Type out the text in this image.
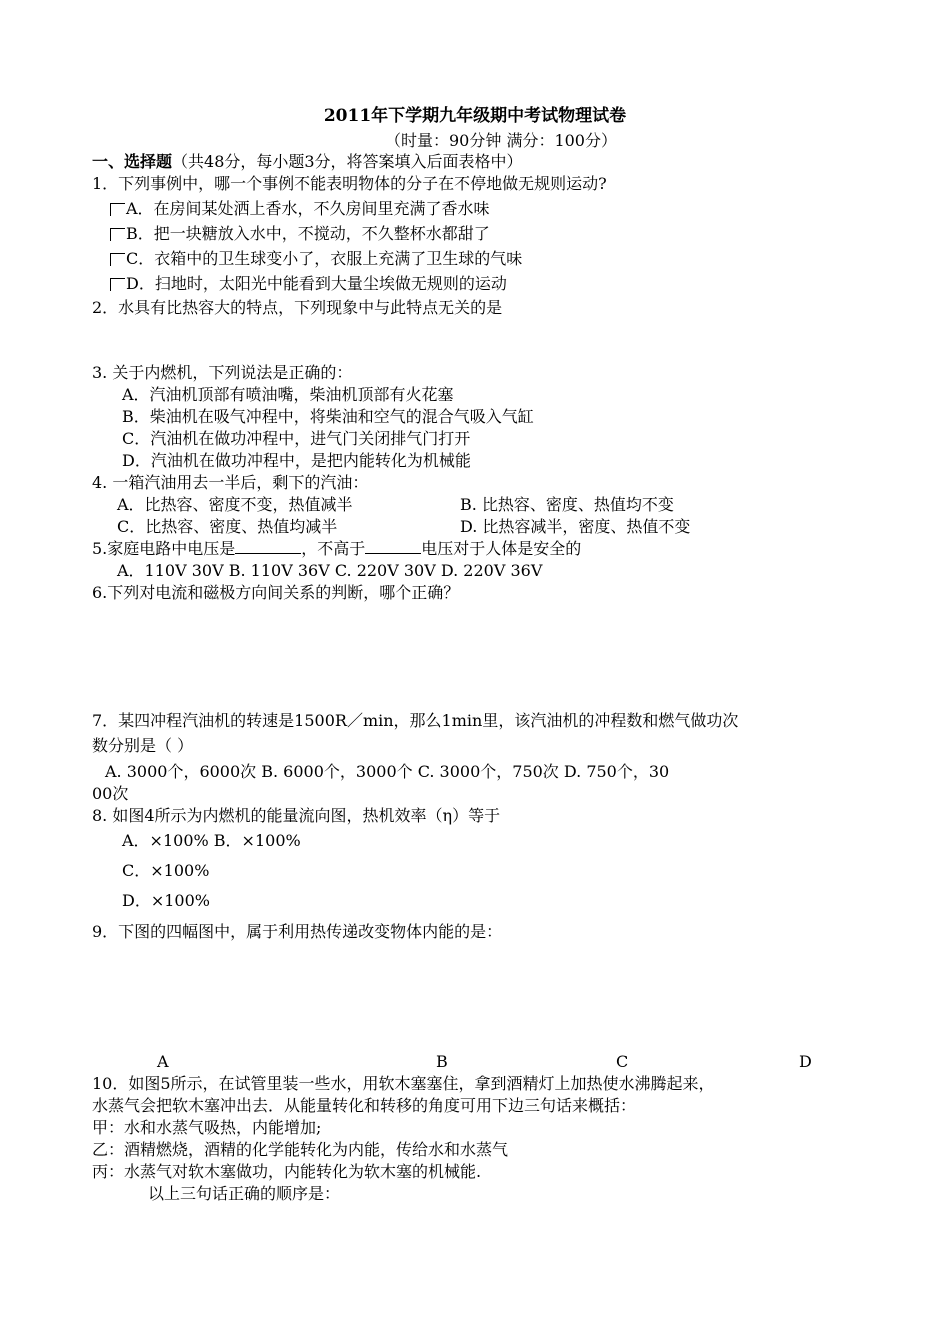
2011年下学期九年级期中考试物理试卷
（时量：90分钟 满分：100分）
一、选择题（共48分，每小题3分，将答案填入后面表格中）
1．下列事例中，哪一个事例不能表明物体的分子在不停地做无规则运动?
A．在房间某处洒上香水，不久房间里充满了香水味
B．把一块糖放入水中，不搅动，不久整杯水都甜了
C．衣箱中的卫生球变小了，衣服上充满了卫生球的气味
D．扫地时，太阳光中能看到大量尘埃做无规则的运动
2．水具有比热容大的特点，下列现象中与此特点无关的是
3. 关于内燃机，下列说法是正确的：
A．汽油机顶部有喷油嘴，柴油机顶部有火花塞
B．柴油机在吸气冲程中，将柴油和空气的混合气吸入气缸
C．汽油机在做功冲程中，进气门关闭排气门打开
D．汽油机在做功冲程中，是把内能转化为机械能
4. 一箱汽油用去一半后，剩下的汽油：
A．比热容、密度不变，热值减半	B. 比热容、密度、热值均不变
C．比热容、密度、热值均减半	D. 比热容减半，密度、热值不变
5.家庭电路中电压是	，不高于	电压对于人体是安全的
A．110V 30V B. 110V 36V C. 220V 30V D. 220V 36V
6.下列对电流和磁极方向间关系的判断，哪个正确？
7．某四冲程汽油机的转速是1500R／min，那么1min里，该汽油机的冲程数和燃气做功次
数分别是（ ）
A. 3000个，6000次 B. 6000个，3000个 C. 3000个，750次 D. 750个，30
00次
8. 如图4所示为内燃机的能量流向图，热机效率（η）等于
A．×100% B．×100%
C．×100%
D．×100%
9．下图的四幅图中，属于利用热传递改变物体内能的是：
A	B	C	D
10．如图5所示，在试管里装一些水，用软木塞塞住，拿到酒精灯上加热使水沸腾起来，
水蒸气会把软木塞冲出去．从能量转化和转移的角度可用下边三句话来概括：
甲：水和水蒸气吸热，内能增加;
乙：酒精燃烧，酒精的化学能转化为内能，传给水和水蒸气
丙：水蒸气对软木塞做功，内能转化为软木塞的机械能.
以上三句话正确的顺序是：
